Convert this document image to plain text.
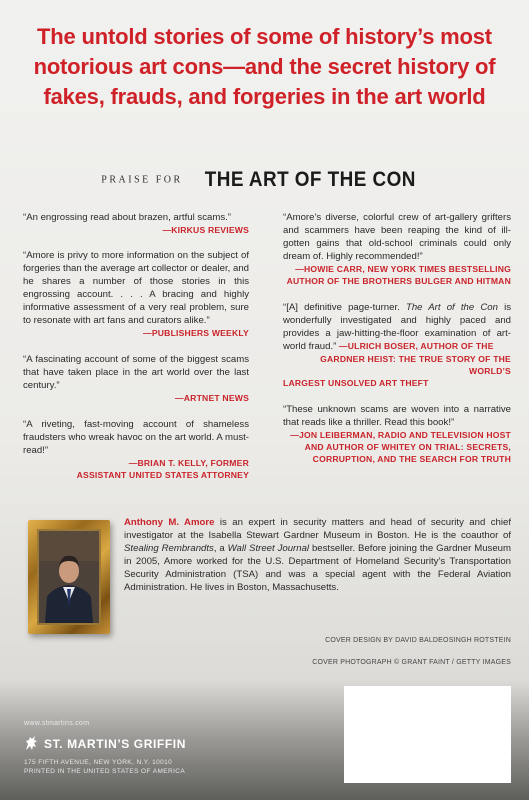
The untold stories of some of history’s most notorious art cons—and the secret history of fakes, frauds, and forgeries in the art world
PRAISE FOR THE ART OF THE CON
“An engrossing read about brazen, artful scams.”
—KIRKUS REVIEWS
“Amore is privy to more information on the subject of forgeries than the average art collector or dealer, and he shares a number of those stories in this engrossing account. . . . A bracing and highly informative assessment of a very real problem, sure to resonate with art fans and curators alike.”
—PUBLISHERS WEEKLY
“A fascinating account of some of the biggest scams that have taken place in the art world over the last century.”
—ARTNET NEWS
“A riveting, fast-moving account of shameless fraudsters who wreak havoc on the art world. A must-read!”
—BRIAN T. KELLY, FORMER
ASSISTANT UNITED STATES ATTORNEY
“Amore’s diverse, colorful crew of art-gallery grifters and scammers have been reaping the kind of ill-gotten gains that old-school criminals could only dream of. Highly recommended!”
—HOWIE CARR, NEW YORK TIMES BESTSELLING
AUTHOR OF THE BROTHERS BULGER AND HITMAN
“[A] definitive page-turner. The Art of the Con is wonderfully investigated and highly paced and provides a jaw-hitting-the-floor examination of art-world fraud.” —ULRICH BOSER, AUTHOR OF THE
GARDNER HEIST: THE TRUE STORY OF THE WORLD’S
LARGEST UNSOLVED ART THEFT
“These unknown scams are woven into a narrative that reads like a thriller. Read this book!”
—JON LEIBERMAN, RADIO AND TELEVISION HOST
AND AUTHOR OF WHITEY ON TRIAL: SECRETS,
CORRUPTION, AND THE SEARCH FOR TRUTH
Anthony M. Amore is an expert in security matters and head of security and chief investigator at the Isabella Stewart Gardner Museum in Boston. He is the coauthor of Stealing Rembrandts, a Wall Street Journal bestseller. Before joining the Gardner Museum in 2005, Amore worked for the U.S. Department of Homeland Security’s Transportation Security Administration (TSA) and was a special agent with the Federal Aviation Administration. He lives in Boston, Massachusetts.
COVER DESIGN BY DAVID BALDEOSINGH ROTSTEIN
COVER PHOTOGRAPH © GRANT FAINT / GETTY IMAGES
www.stmartins.com
ST. MARTIN’S GRIFFIN
175 FIFTH AVENUE, NEW YORK, N.Y. 10010
PRINTED IN THE UNITED STATES OF AMERICA
